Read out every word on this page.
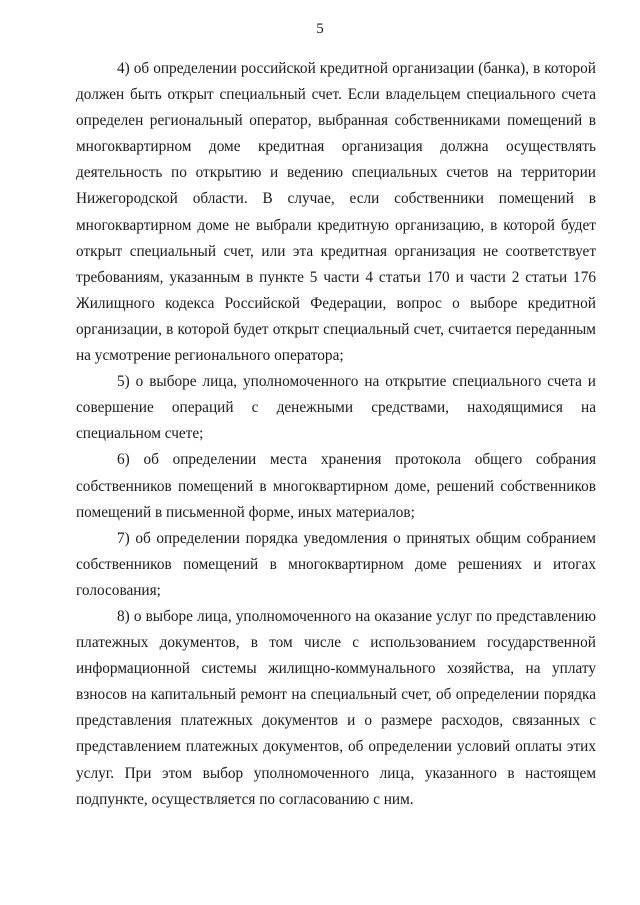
5

4) об определении российской кредитной организации (банка), в которой должен быть открыт специальный счет. Если владельцем специального счета определен региональный оператор, выбранная собственниками помещений в многоквартирном доме кредитная организация должна осуществлять деятельность по открытию и ведению специальных счетов на территории Нижегородской области. В случае, если собственники помещений в многоквартирном доме не выбрали кредитную организацию, в которой будет открыт специальный счет, или эта кредитная организация не соответствует требованиям, указанным в пункте 5 части 4 статьи 170 и части 2 статьи 176 Жилищного кодекса Российской Федерации, вопрос о выборе кредитной организации, в которой будет открыт специальный счет, считается переданным на усмотрение регионального оператора;

5) о выборе лица, уполномоченного на открытие специального счета и совершение операций с денежными средствами, находящимися на специальном счете;

6) об определении места хранения протокола общего собрания собственников помещений в многоквартирном доме, решений собственников помещений в письменной форме, иных материалов;

7) об определении порядка уведомления о принятых общим собранием собственников помещений в многоквартирном доме решениях и итогах голосования;

8) о выборе лица, уполномоченного на оказание услуг по представлению платежных документов, в том числе с использованием государственной информационной системы жилищно-коммунального хозяйства, на уплату взносов на капитальный ремонт на специальный счет, об определении порядка представления платежных документов и о размере расходов, связанных с представлением платежных документов, об определении условий оплаты этих услуг. При этом выбор уполномоченного лица, указанного в настоящем подпункте, осуществляется по согласованию с ним.
